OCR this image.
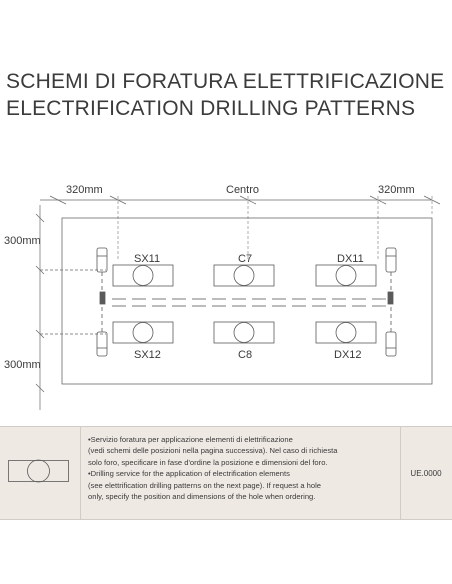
SCHEMI DI FORATURA ELETTRIFICAZIONE
ELECTRIFICATION DRILLING PATTERNS
320mm	Centro	320mm
300mm
300mm
SX11	C7	DX11
SX12	C8	DX12

•Servizio foratura per applicazione elementi di elettrificazione

(vedi schemi delle posizioni nella pagina successiva). Nel caso di richiesta

solo foro, specificare in fase d'ordine la posizione e dimensioni del foro.

•Drilling service for the application of electrification elements

(see elettrification drilling patterns on the next page). If request a hole

only, specify the position and dimensions of the hole when ordering.

UE.0000
